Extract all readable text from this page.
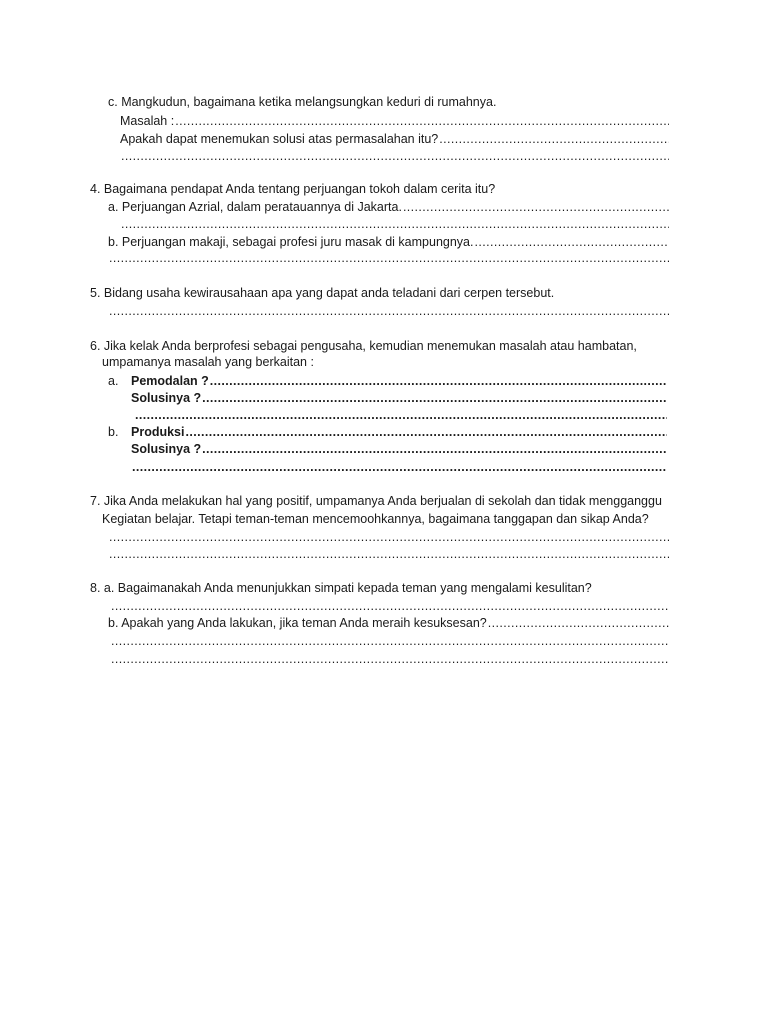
c. Mangkudun, bagaimana ketika melangsungkan keduri di rumahnya.
Masalah :
.....
Apakah dapat menemukan solusi atas permasalahan itu?
.....
.....
4. Bagaimana pendapat Anda tentang perjuangan tokoh dalam cerita itu?
a. Perjuangan Azrial, dalam peratauannya di Jakarta.
.....
.....
b. Perjuangan makaji, sebagai profesi juru masak di kampungnya.
.....
.....
5. Bidang usaha kewirausahaan apa yang dapat anda teladani dari cerpen tersebut.
.....
6. Jika kelak Anda berprofesi sebagai pengusaha, kemudian menemukan masalah atau hambatan,
umpamanya masalah yang berkaitan :
a.	Pemodalan ?
.....
Solusinya ?
.....
.....
b.	Produksi
.....
Solusinya ?
.....
.....
7. Jika Anda melakukan hal yang positif, umpamanya Anda berjualan di sekolah dan tidak mengganggu
Kegiatan belajar. Tetapi teman-teman mencemoohkannya, bagaimana tanggapan dan sikap Anda?
.....
.....
8. a. Bagaimanakah Anda menunjukkan simpati kepada teman yang mengalami kesulitan?
.....
b. Apakah yang Anda lakukan, jika teman Anda meraih kesuksesan?
.....
.....
.....
